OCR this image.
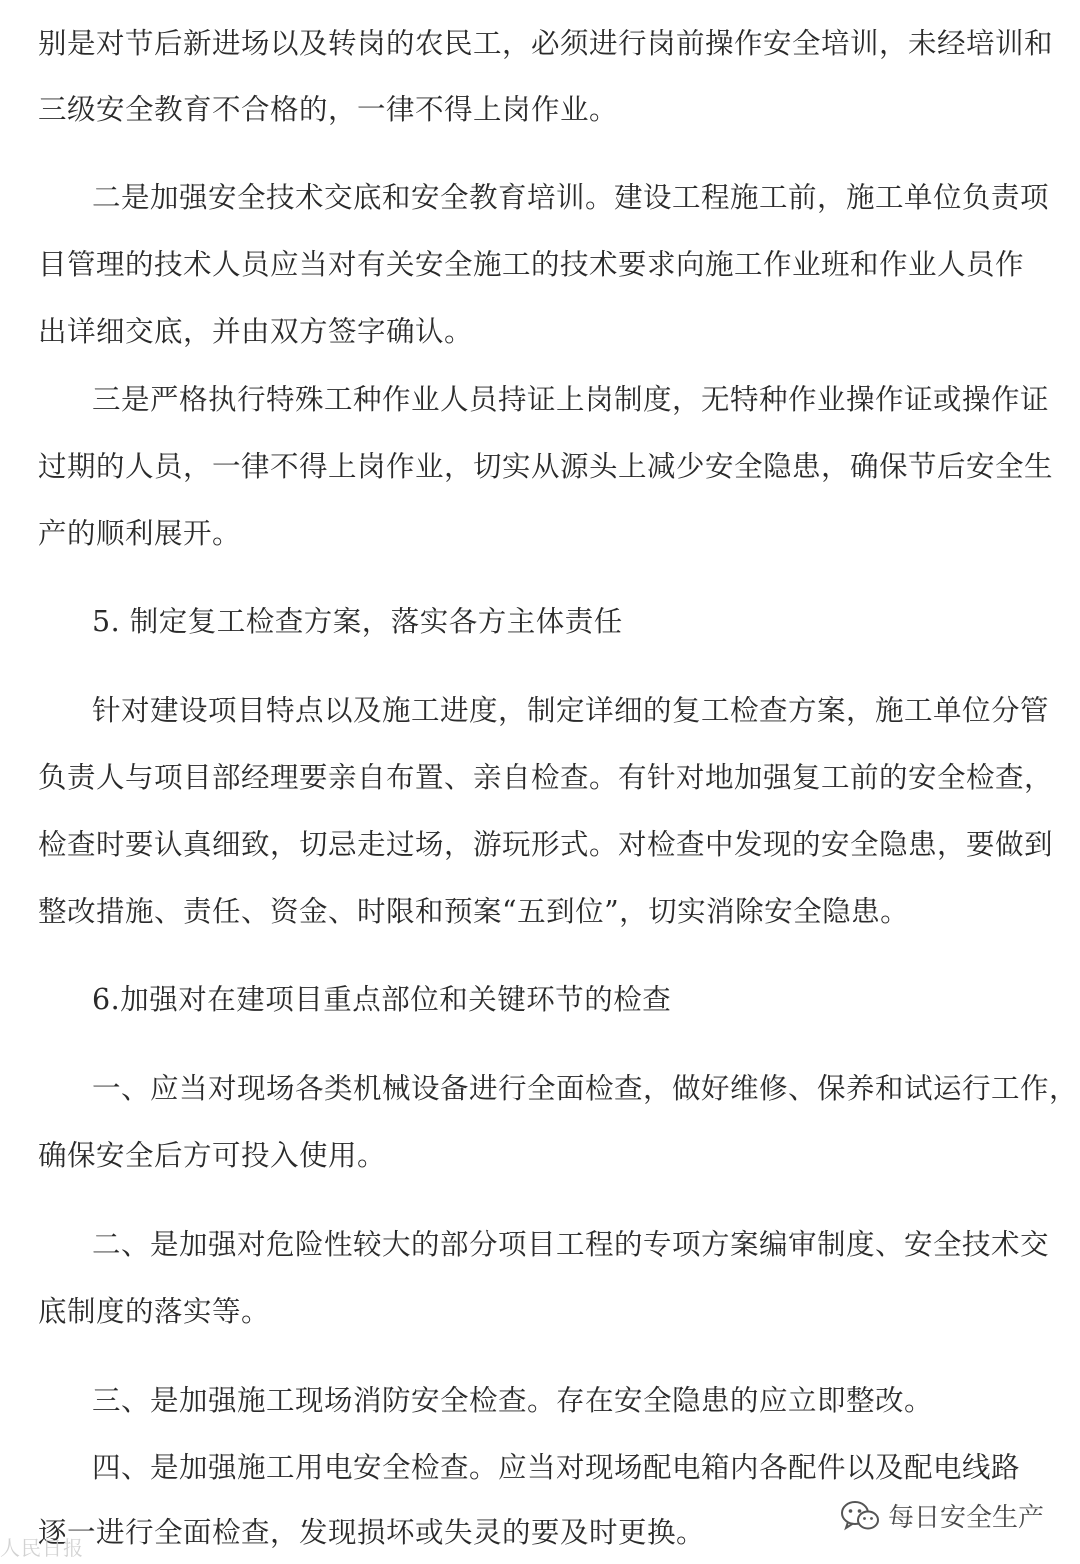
别是对节后新进场以及转岗的农民工，必须进行岗前操作安全培训，未经培训和
三级安全教育不合格的，一律不得上岗作业。
二是加强安全技术交底和安全教育培训。建设工程施工前，施工单位负责项
目管理的技术人员应当对有关安全施工的技术要求向施工作业班和作业人员作
出详细交底，并由双方签字确认。
三是严格执行特殊工种作业人员持证上岗制度，无特种作业操作证或操作证
过期的人员，一律不得上岗作业，切实从源头上减少安全隐患，确保节后安全生
产的顺利展开。
5. 制定复工检查方案，落实各方主体责任
针对建设项目特点以及施工进度，制定详细的复工检查方案，施工单位分管
负责人与项目部经理要亲自布置、亲自检查。有针对地加强复工前的安全检查，
检查时要认真细致，切忌走过场，游玩形式。对检查中发现的安全隐患，要做到
整改措施、责任、资金、时限和预案“五到位”，切实消除安全隐患。
6.加强对在建项目重点部位和关键环节的检查
一、应当对现场各类机械设备进行全面检查，做好维修、保养和试运行工作，
确保安全后方可投入使用。
二、是加强对危险性较大的部分项目工程的专项方案编审制度、安全技术交
底制度的落实等。
三、是加强施工现场消防安全检查。存在安全隐患的应立即整改。
四、是加强施工用电安全检查。应当对现场配电箱内各配件以及配电线路
逐一进行全面检查，发现损坏或失灵的要及时更换。	每日安全生产
人民日报
